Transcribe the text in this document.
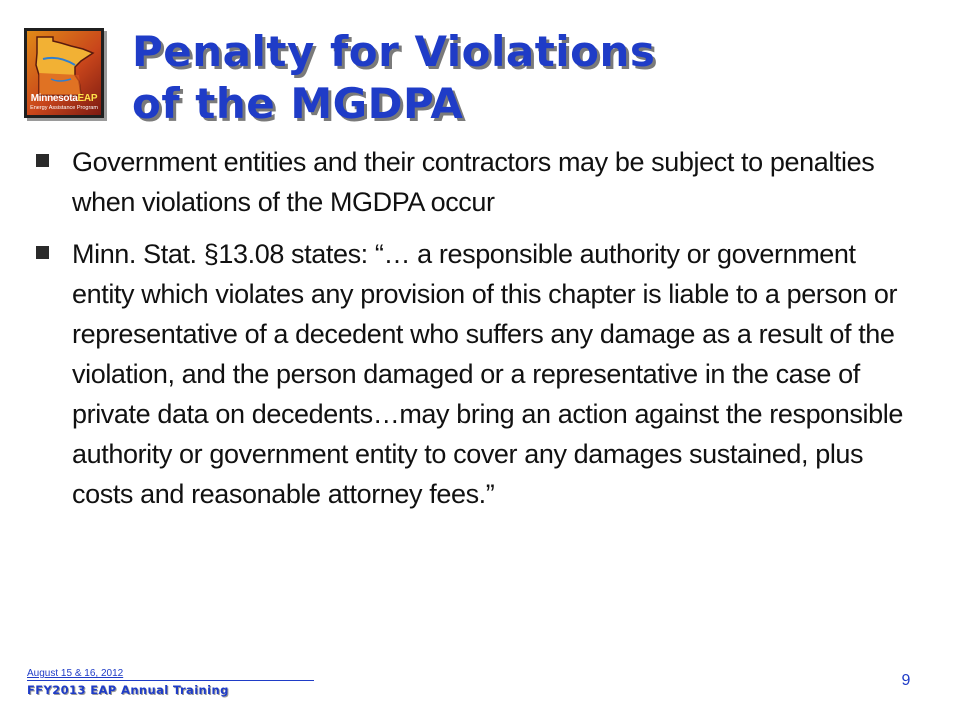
MinnesotaEAP
Energy Assistance Program
Penalty for Violations
of the MGDPA
Government entities and their contractors may be subject to penalties when violations of the MGDPA occur
Minn. Stat. §13.08 states: “… a responsible authority or government entity which violates any provision of this chapter is liable to a person or representative of a decedent who suffers any damage as a result of the violation, and the person damaged or a representative in the case of private data on decedents…may bring an action against the responsible authority or government entity to cover any damages sustained, plus costs and reasonable attorney fees.”
August 15 & 16, 2012
FFY2013 EAP Annual Training
9
